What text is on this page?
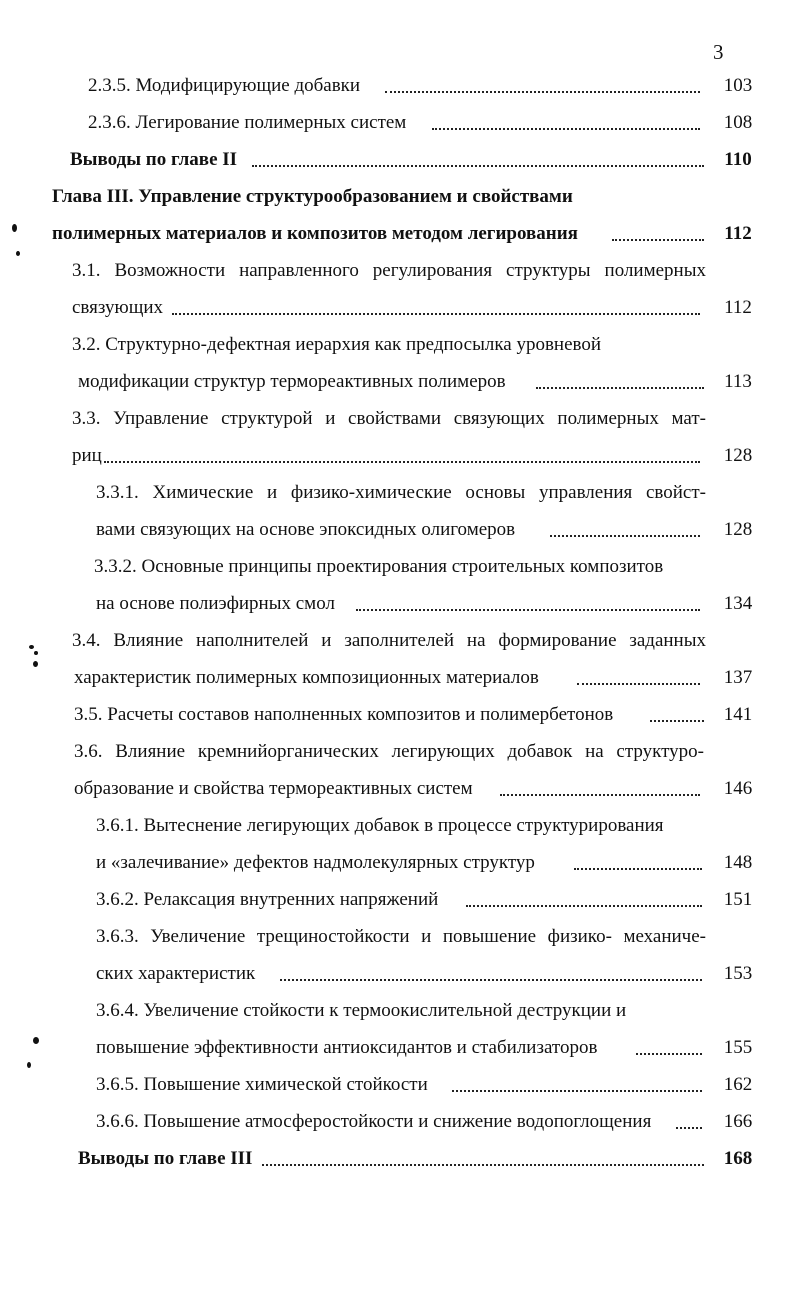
3
2.3.5. Модифицирующие добавки	103
2.3.6. Легирование полимерных систем	108
Выводы по главе II	110
Глава III. Управление структурообразованием и свойствами
полимерных материалов и композитов методом легирования	112
3.1. Возможности направленного регулирования структуры полимерных
связующих	112
3.2. Структурно-дефектная иерархия как предпосылка уровневой
модификации структур термореактивных полимеров	113
3.3. Управление структурой и свойствами связующих полимерных мат-
риц	128
3.3.1. Химические и физико-химические основы управления свойст-
вами связующих на основе эпоксидных олигомеров	128
3.3.2. Основные принципы проектирования строительных композитов
на основе полиэфирных смол	134
3.4. Влияние наполнителей и заполнителей на формирование заданных
характеристик полимерных композиционных материалов	137
3.5. Расчеты составов наполненных композитов и полимербетонов	141
3.6. Влияние кремнийорганических легирующих добавок на структуро-
образование и свойства термореактивных систем	146
3.6.1. Вытеснение легирующих добавок в процессе структурирования
и «залечивание» дефектов надмолекулярных структур	148
3.6.2. Релаксация внутренних напряжений	151
3.6.3. Увеличение трещиностойкости и повышение физико- механиче-
ских характеристик	153
3.6.4. Увеличение стойкости к термоокислительной деструкции и
повышение эффективности антиоксидантов и стабилизаторов	155
3.6.5. Повышение химической стойкости	162
3.6.6. Повышение атмосферостойкости и снижение водопоглощения	166
Выводы по главе III	168
